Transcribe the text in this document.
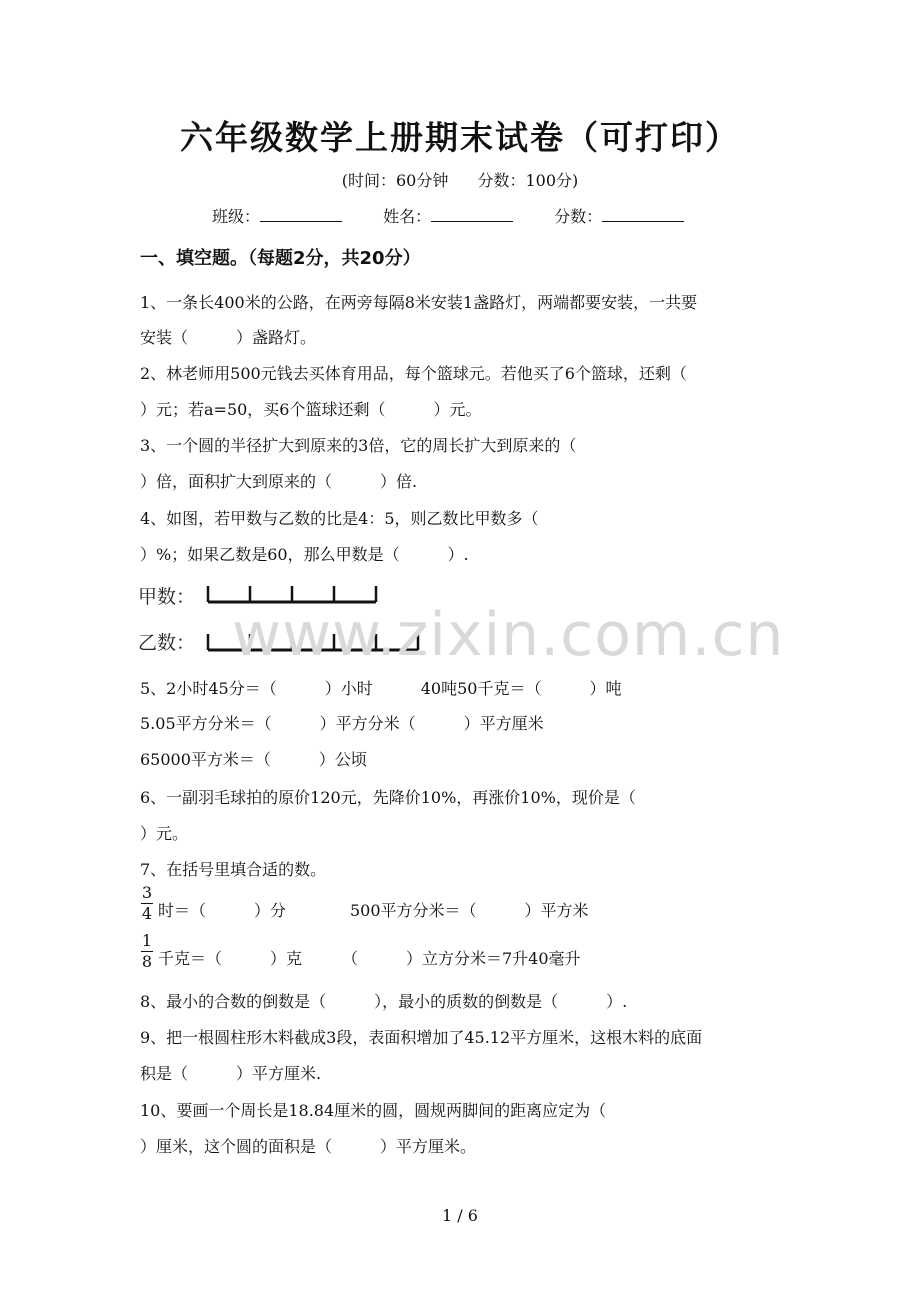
六年级数学上册期末试卷（可打印）
(时间：60分钟 分数：100分)
班级：	姓名：	分数：
一、填空题。（每题2分，共20分）
1、一条长400米的公路，在两旁每隔8米安装1盏路灯，两端都要安装，一共要
安装（　　　）盏路灯。
2、林老师用500元钱去买体育用品，每个篮球元。若他买了6个篮球，还剩（
）元；若a=50，买6个篮球还剩（　　　）元。
3、一个圆的半径扩大到原来的3倍，它的周长扩大到原来的（
）倍，面积扩大到原来的（　　　）倍.
4、如图，若甲数与乙数的比是4：5，则乙数比甲数多（
）%；如果乙数是60，那么甲数是（　　　）.
甲数：
乙数： www.zixin.com.cn
5、2小时45分＝（　　　）小时　　　40吨50千克＝（　　　）吨
5.05平方分米＝（　　　）平方分米（　　　）平方厘米
65000平方米＝（　　　）公顷
6、一副羽毛球拍的原价120元，先降价10%，再涨价10%，现价是（
）元。
7、在括号里填合适的数。
3
4 时＝（　　　）分　　　　500平方分米＝（　　　）平方米
1
8 千克＝（　　　）克　　　（　　　）立方分米＝7升40毫升
8、最小的合数的倒数是（　　　），最小的质数的倒数是（　　　）.
9、把一根圆柱形木料截成3段，表面积增加了45.12平方厘米，这根木料的底面
积是（　　　）平方厘米.
10、要画一个周长是18.84厘米的圆，圆规两脚间的距离应定为（
）厘米，这个圆的面积是（　　　）平方厘米。
1 / 6
